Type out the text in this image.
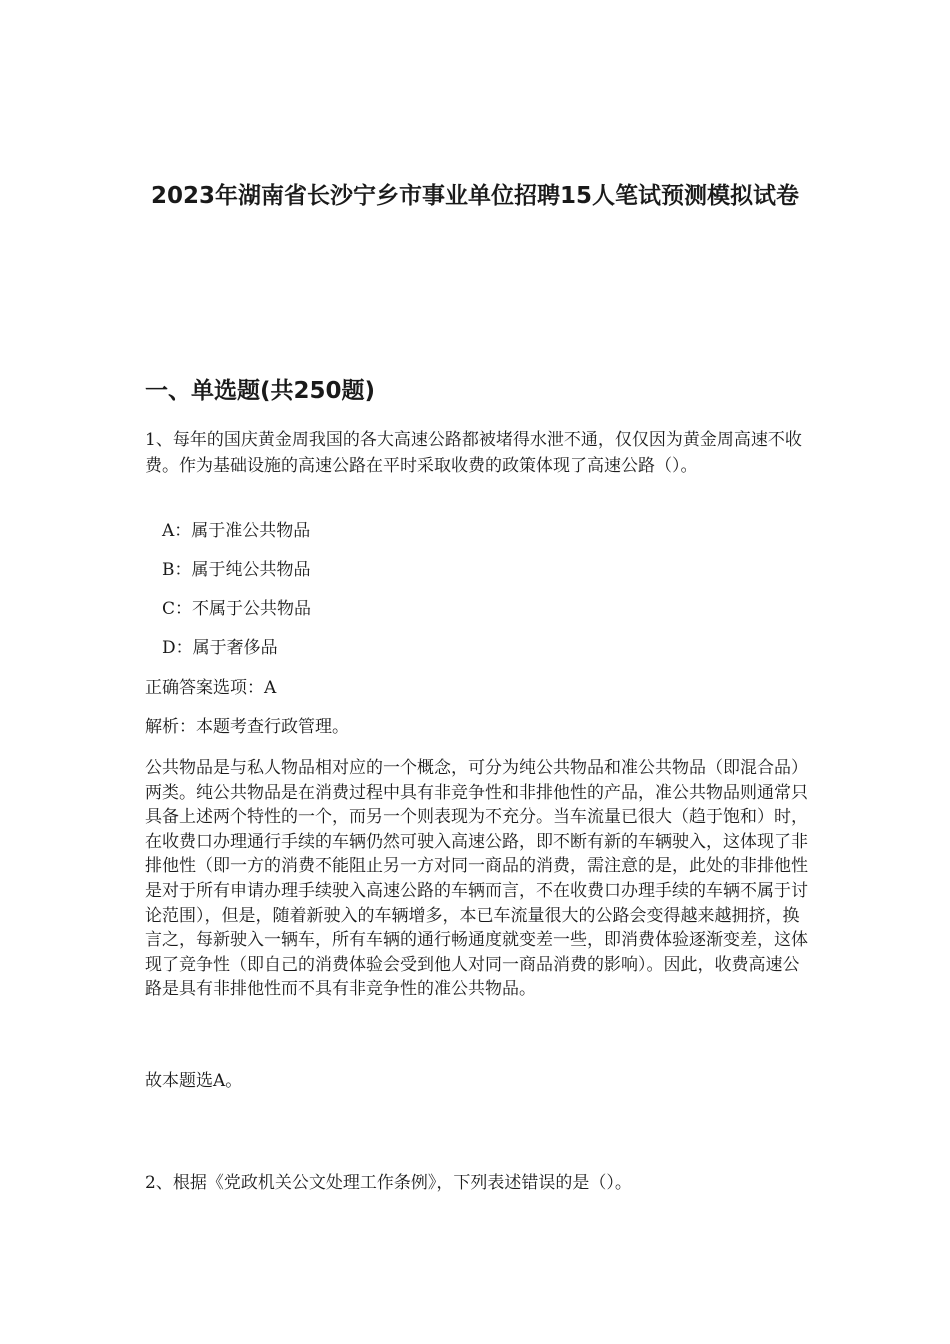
2023年湖南省长沙宁乡市事业单位招聘15人笔试预测模拟试卷
一、单选题(共250题)

1、每年的国庆黄金周我国的各大高速公路都被堵得水泄不通，仅仅因为黄金周高速不收费。作为基础设施的高速公路在平时采取收费的政策体现了高速公路（）。

A：属于准公共物品

B：属于纯公共物品

C：不属于公共物品

D：属于奢侈品

正确答案选项：A

解析：本题考查行政管理。

公共物品是与私人物品相对应的一个概念，可分为纯公共物品和准公共物品（即混合品）两类。纯公共物品是在消费过程中具有非竞争性和非排他性的产品，准公共物品则通常只具备上述两个特性的一个，而另一个则表现为不充分。当车流量已很大（趋于饱和）时，在收费口办理通行手续的车辆仍然可驶入高速公路，即不断有新的车辆驶入，这体现了非排他性（即一方的消费不能阻止另一方对同一商品的消费，需注意的是，此处的非排他性是对于所有申请办理手续驶入高速公路的车辆而言，不在收费口办理手续的车辆不属于讨论范围），但是，随着新驶入的车辆增多，本已车流量很大的公路会变得越来越拥挤，换言之，每新驶入一辆车，所有车辆的通行畅通度就变差一些，即消费体验逐渐变差，这体现了竞争性（即自己的消费体验会受到他人对同一商品消费的影响）。因此，收费高速公路是具有非排他性而不具有非竞争性的准公共物品。

故本题选A。

2、根据《党政机关公文处理工作条例》，下列表述错误的是（）。
